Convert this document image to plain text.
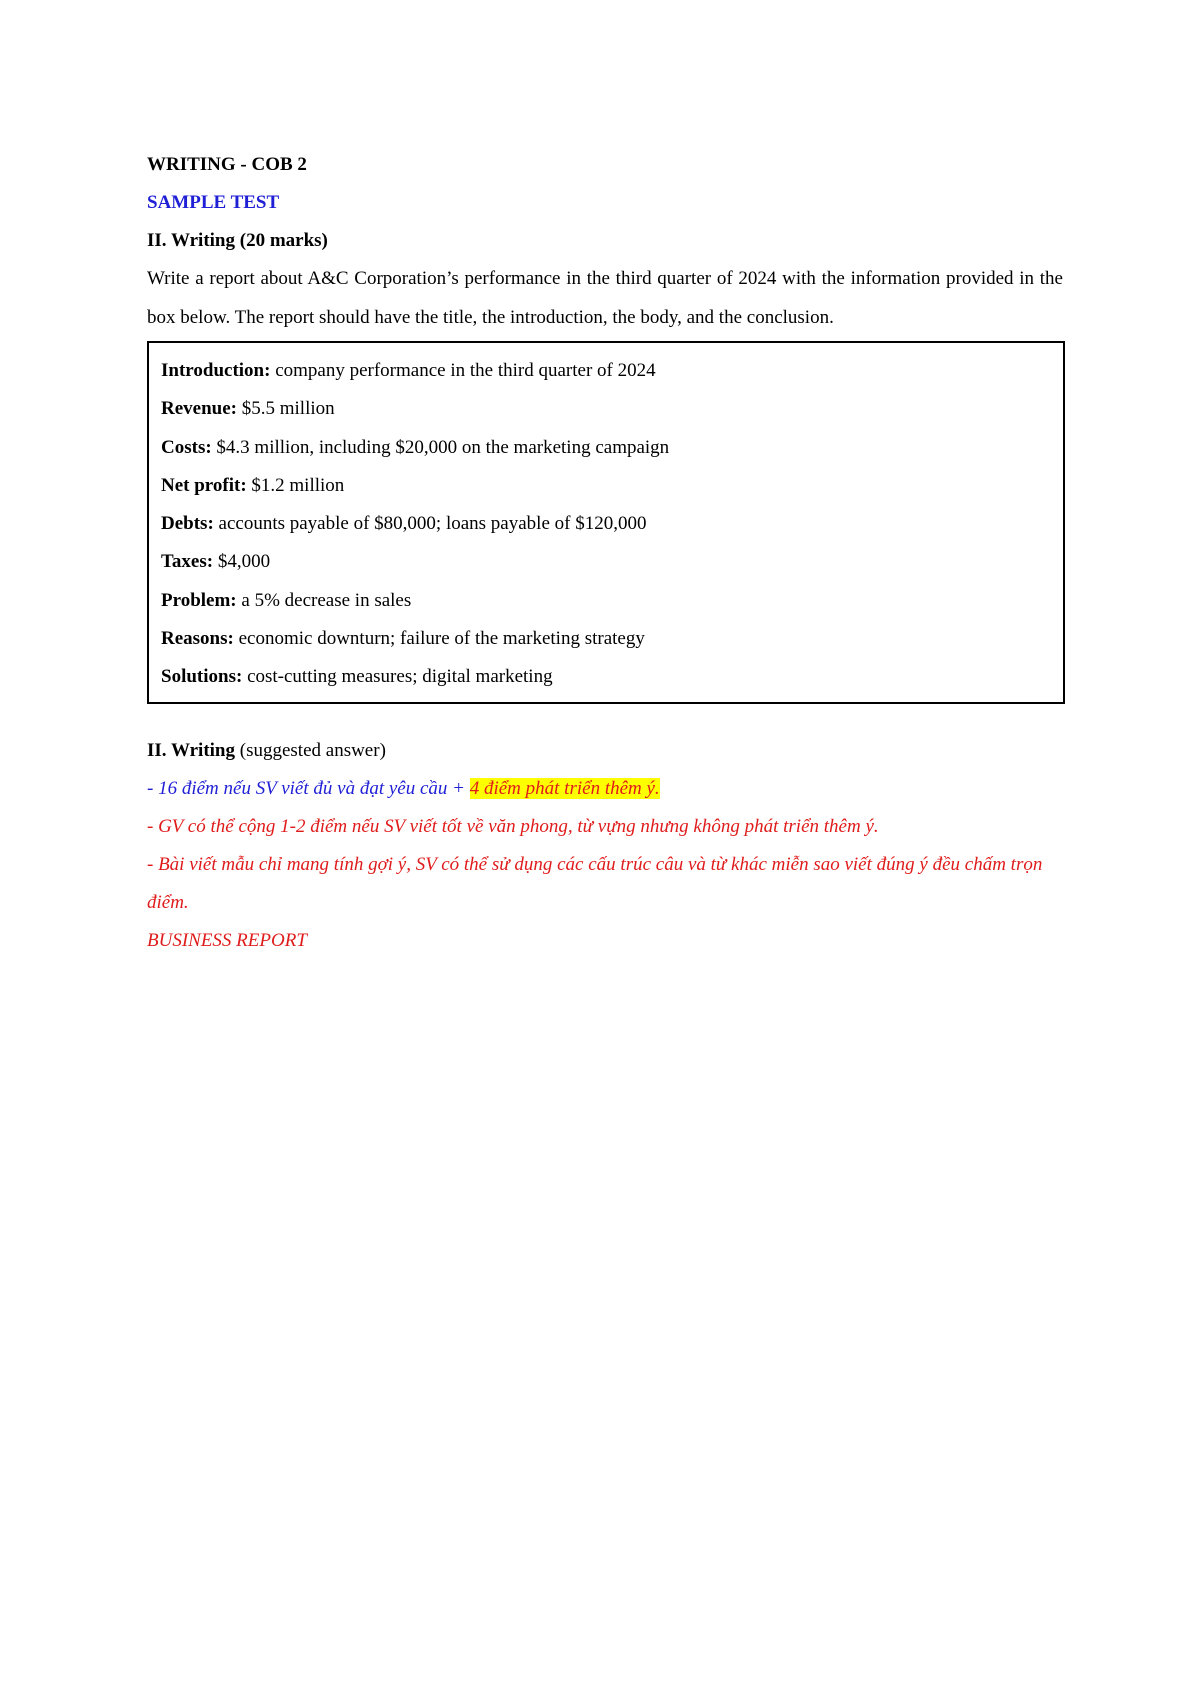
WRITING - COB 2

SAMPLE TEST

II. Writing (20 marks)

Write a report about A&C Corporation’s performance in the third quarter of 2024 with the information provided in the box below. The report should have the title, the introduction, the body, and the conclusion.

Introduction: company performance in the third quarter of 2024
Revenue: $5.5 million
Costs: $4.3 million, including $20,000 on the marketing campaign
Net profit: $1.2 million
Debts: accounts payable of $80,000; loans payable of $120,000
Taxes: $4,000
Problem: a 5% decrease in sales
Reasons: economic downturn; failure of the marketing strategy
Solutions: cost-cutting measures; digital marketing

II. Writing (suggested answer)

- 16 điểm nếu SV viết đủ và đạt yêu cầu + 4 điểm phát triển thêm ý.

- GV có thể cộng 1-2 điểm nếu SV viết tốt về văn phong, từ vựng nhưng không phát triển thêm ý.

- Bài viết mẫu chỉ mang tính gợi ý, SV có thể sử dụng các cấu trúc câu và từ khác miễn sao viết đúng ý đều chấm trọn điểm.

BUSINESS REPORT
